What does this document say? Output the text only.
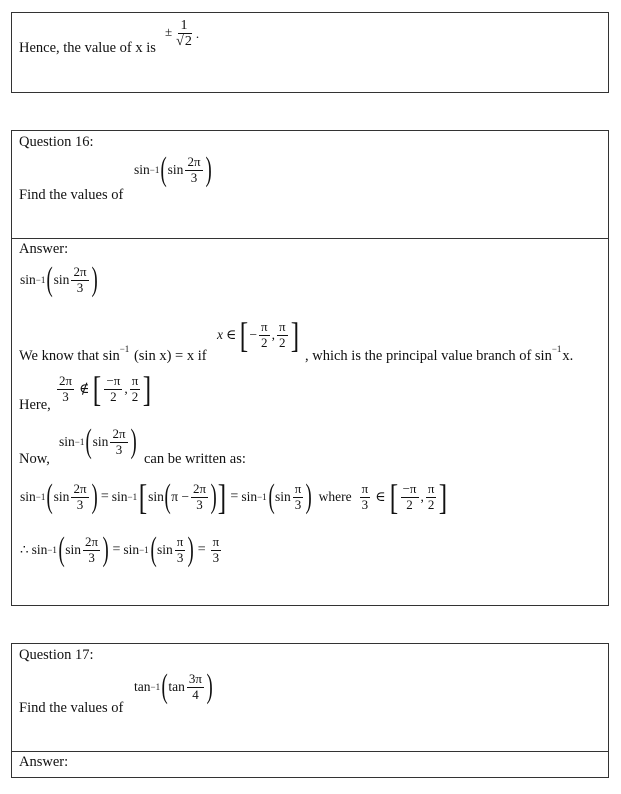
Hence, the value of x is
± $\frac{1}{√2}$ .
Question 16:
Find the values of
sin −1 ( $\sin \frac{2\pi}{3}$ )
Answer:
sin −1 ( $\sin \frac{2\pi}{3}$ )
We know that $\sin^{-1} (\sin$ x) = x if
x ∈ [ − $\frac{\pi}{2}$ , $\frac{\pi}{2}$ ]
, which is the principal value branch of $\sin^{-1}x$.
Here,
$\frac{2\pi}{3}$ ∉ [ $\frac{-\pi}{2}$ , $\frac{\pi}{2}$ ]
Now,
sin −1 ( $\sin \frac{2\pi}{3}$ ) can be written as:
sin −1 ( $\sin \frac{2\pi}{3}$ ) = sin −1 [ sin ( $\pi - \frac{2\pi}{3}$ ) ] = sin −1 ( $\sin \frac{\pi}{3}$ ) where $\frac{\pi}{3}$ ∈ [ $\frac{-\pi}{2}$ , $\frac{\pi}{2}$ ]
∴ sin −1 ( $\sin \frac{2\pi}{3}$ ) = sin −1 ( $\sin \frac{\pi}{3}$ ) = $\frac{\pi}{3}$
Question 17:
Find the values of
tan −1 ( $\tan \frac{3\pi}{4}$ )
Answer:
